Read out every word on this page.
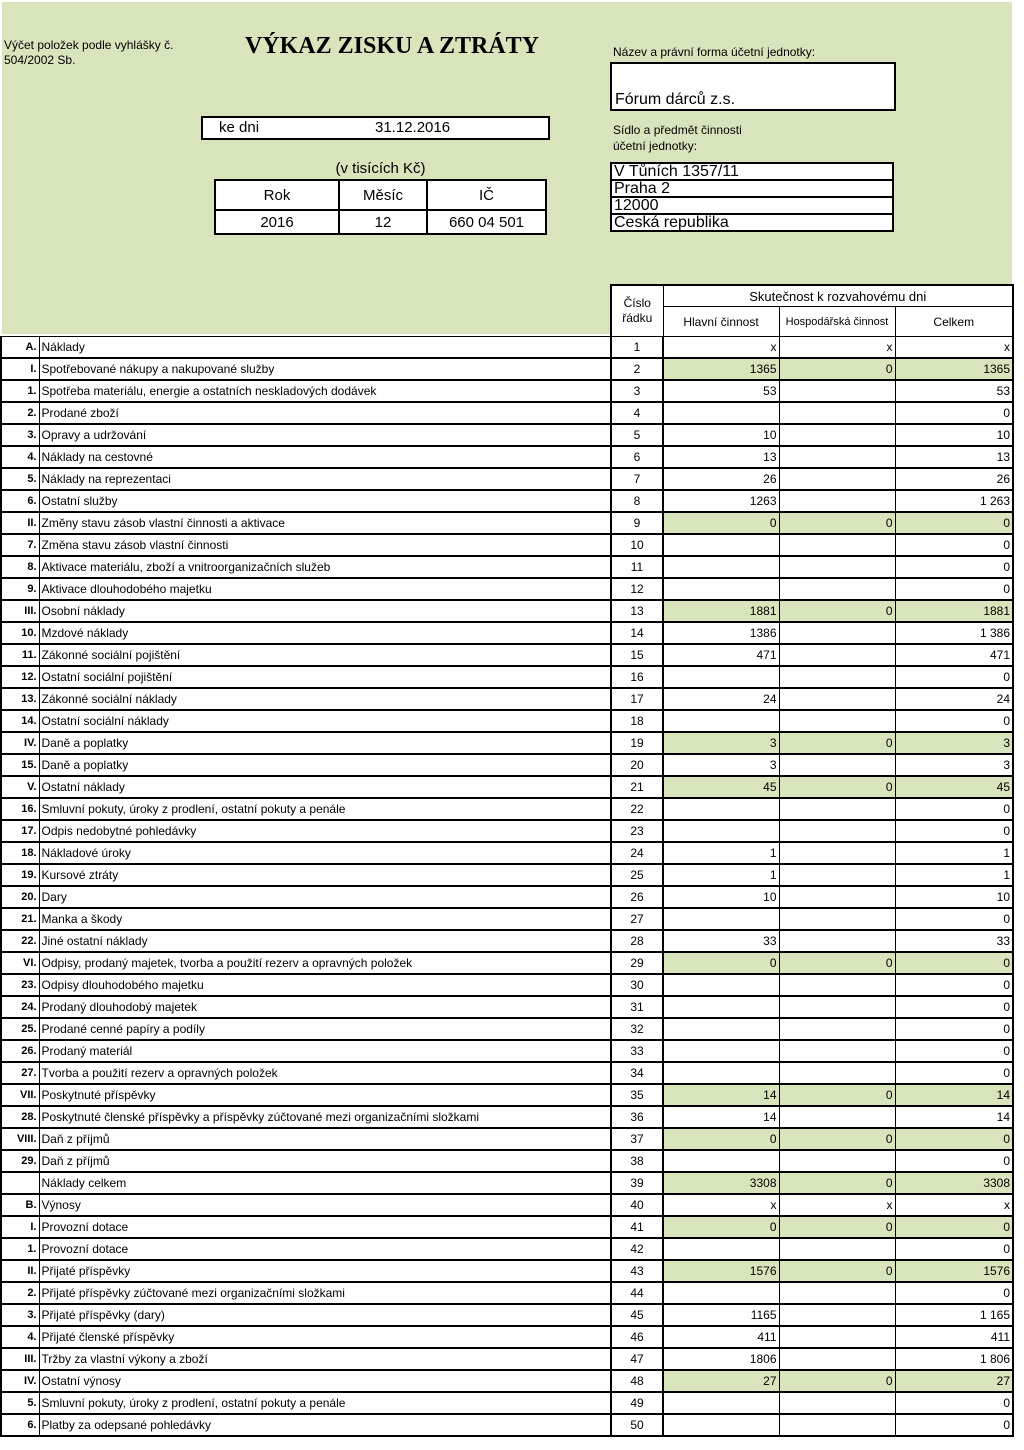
Výčet položek podle vyhlášky č. 504/2002 Sb.
VÝKAZ ZISKU A ZTRÁTY
ke dni	31.12.2016
(v tisících Kč)
Rok	Měsíc	IČ
2016	12	660 04 501
Název a právní forma účetní jednotky:
Fórum dárců z.s.
Sídlo a předmět činnosti
účetní jednotky:
V Tůních 1357/11
Praha 2
12000
Česká republika
		Číslo řádku	Skutečnost k rozvahovému dni		
			Hlavní činnost	Hospodářská činnost	Celkem
A.	Náklady	1	x	x	x
I.	Spotřebované nákupy a nakupované služby	2	1365	0	1365
1.	Spotřeba materiálu, energie a ostatních neskladových dodávek	3	53		53
2.	Prodané zboží	4			0
3.	Opravy a udržování	5	10		10
4.	Náklady na cestovné	6	13		13
5.	Náklady na reprezentaci	7	26		26
6.	Ostatní služby	8	1263		1 263
II.	Změny stavu zásob vlastní činnosti a aktivace	9	0	0	0
7.	Změna stavu zásob vlastní činnosti	10			0
8.	Aktivace materiálu, zboží a vnitroorganizačních služeb	11			0
9.	Aktivace dlouhodobého majetku	12			0
III.	Osobní náklady	13	1881	0	1881
10.	Mzdové náklady	14	1386		1 386
11.	Zákonné sociální pojištění	15	471		471
12.	Ostatní sociální pojištění	16			0
13.	Zákonné sociální náklady	17	24		24
14.	Ostatní sociální náklady	18			0
IV.	Daně a poplatky	19	3	0	3
15.	Daně a poplatky	20	3		3
V.	Ostatní náklady	21	45	0	45
16.	Smluvní pokuty, úroky z prodlení, ostatní pokuty a penále	22			0
17.	Odpis nedobytné pohledávky	23			0
18.	Nákladové úroky	24	1		1
19.	Kursové ztráty	25	1		1
20.	Dary	26	10		10
21.	Manka a škody	27			0
22.	Jiné ostatní náklady	28	33		33
VI.	Odpisy, prodaný majetek, tvorba a použití rezerv a opravných položek	29	0	0	0
23.	Odpisy dlouhodobého majetku	30			0
24.	Prodaný dlouhodobý majetek	31			0
25.	Prodané cenné papíry a podíly	32			0
26.	Prodaný materiál	33			0
27.	Tvorba a použití rezerv a opravných položek	34			0
VII.	Poskytnuté příspěvky	35	14	0	14
28.	Poskytnuté členské příspěvky a příspěvky zúčtované mezi organizačními složkami	36	14		14
VIII.	Daň z příjmů	37	0	0	0
29.	Daň z příjmů	38			0
	Náklady celkem	39	3308	0	3308
B.	Výnosy	40	x	x	x
I.	Provozní dotace	41	0	0	0
1.	Provozní dotace	42			0
II.	Přijaté příspěvky	43	1576	0	1576
2.	Přijaté příspěvky zúčtované mezi organizačními složkami	44			0
3.	Přijaté příspěvky (dary)	45	1165		1 165
4.	Přijaté členské příspěvky	46	411		411
III.	Tržby za vlastní výkony a zboží	47	1806		1 806
IV.	Ostatní výnosy	48	27	0	27
5.	Smluvní pokuty, úroky z prodlení, ostatní pokuty a penále	49			0
6.	Platby za odepsané pohledávky	50			0
